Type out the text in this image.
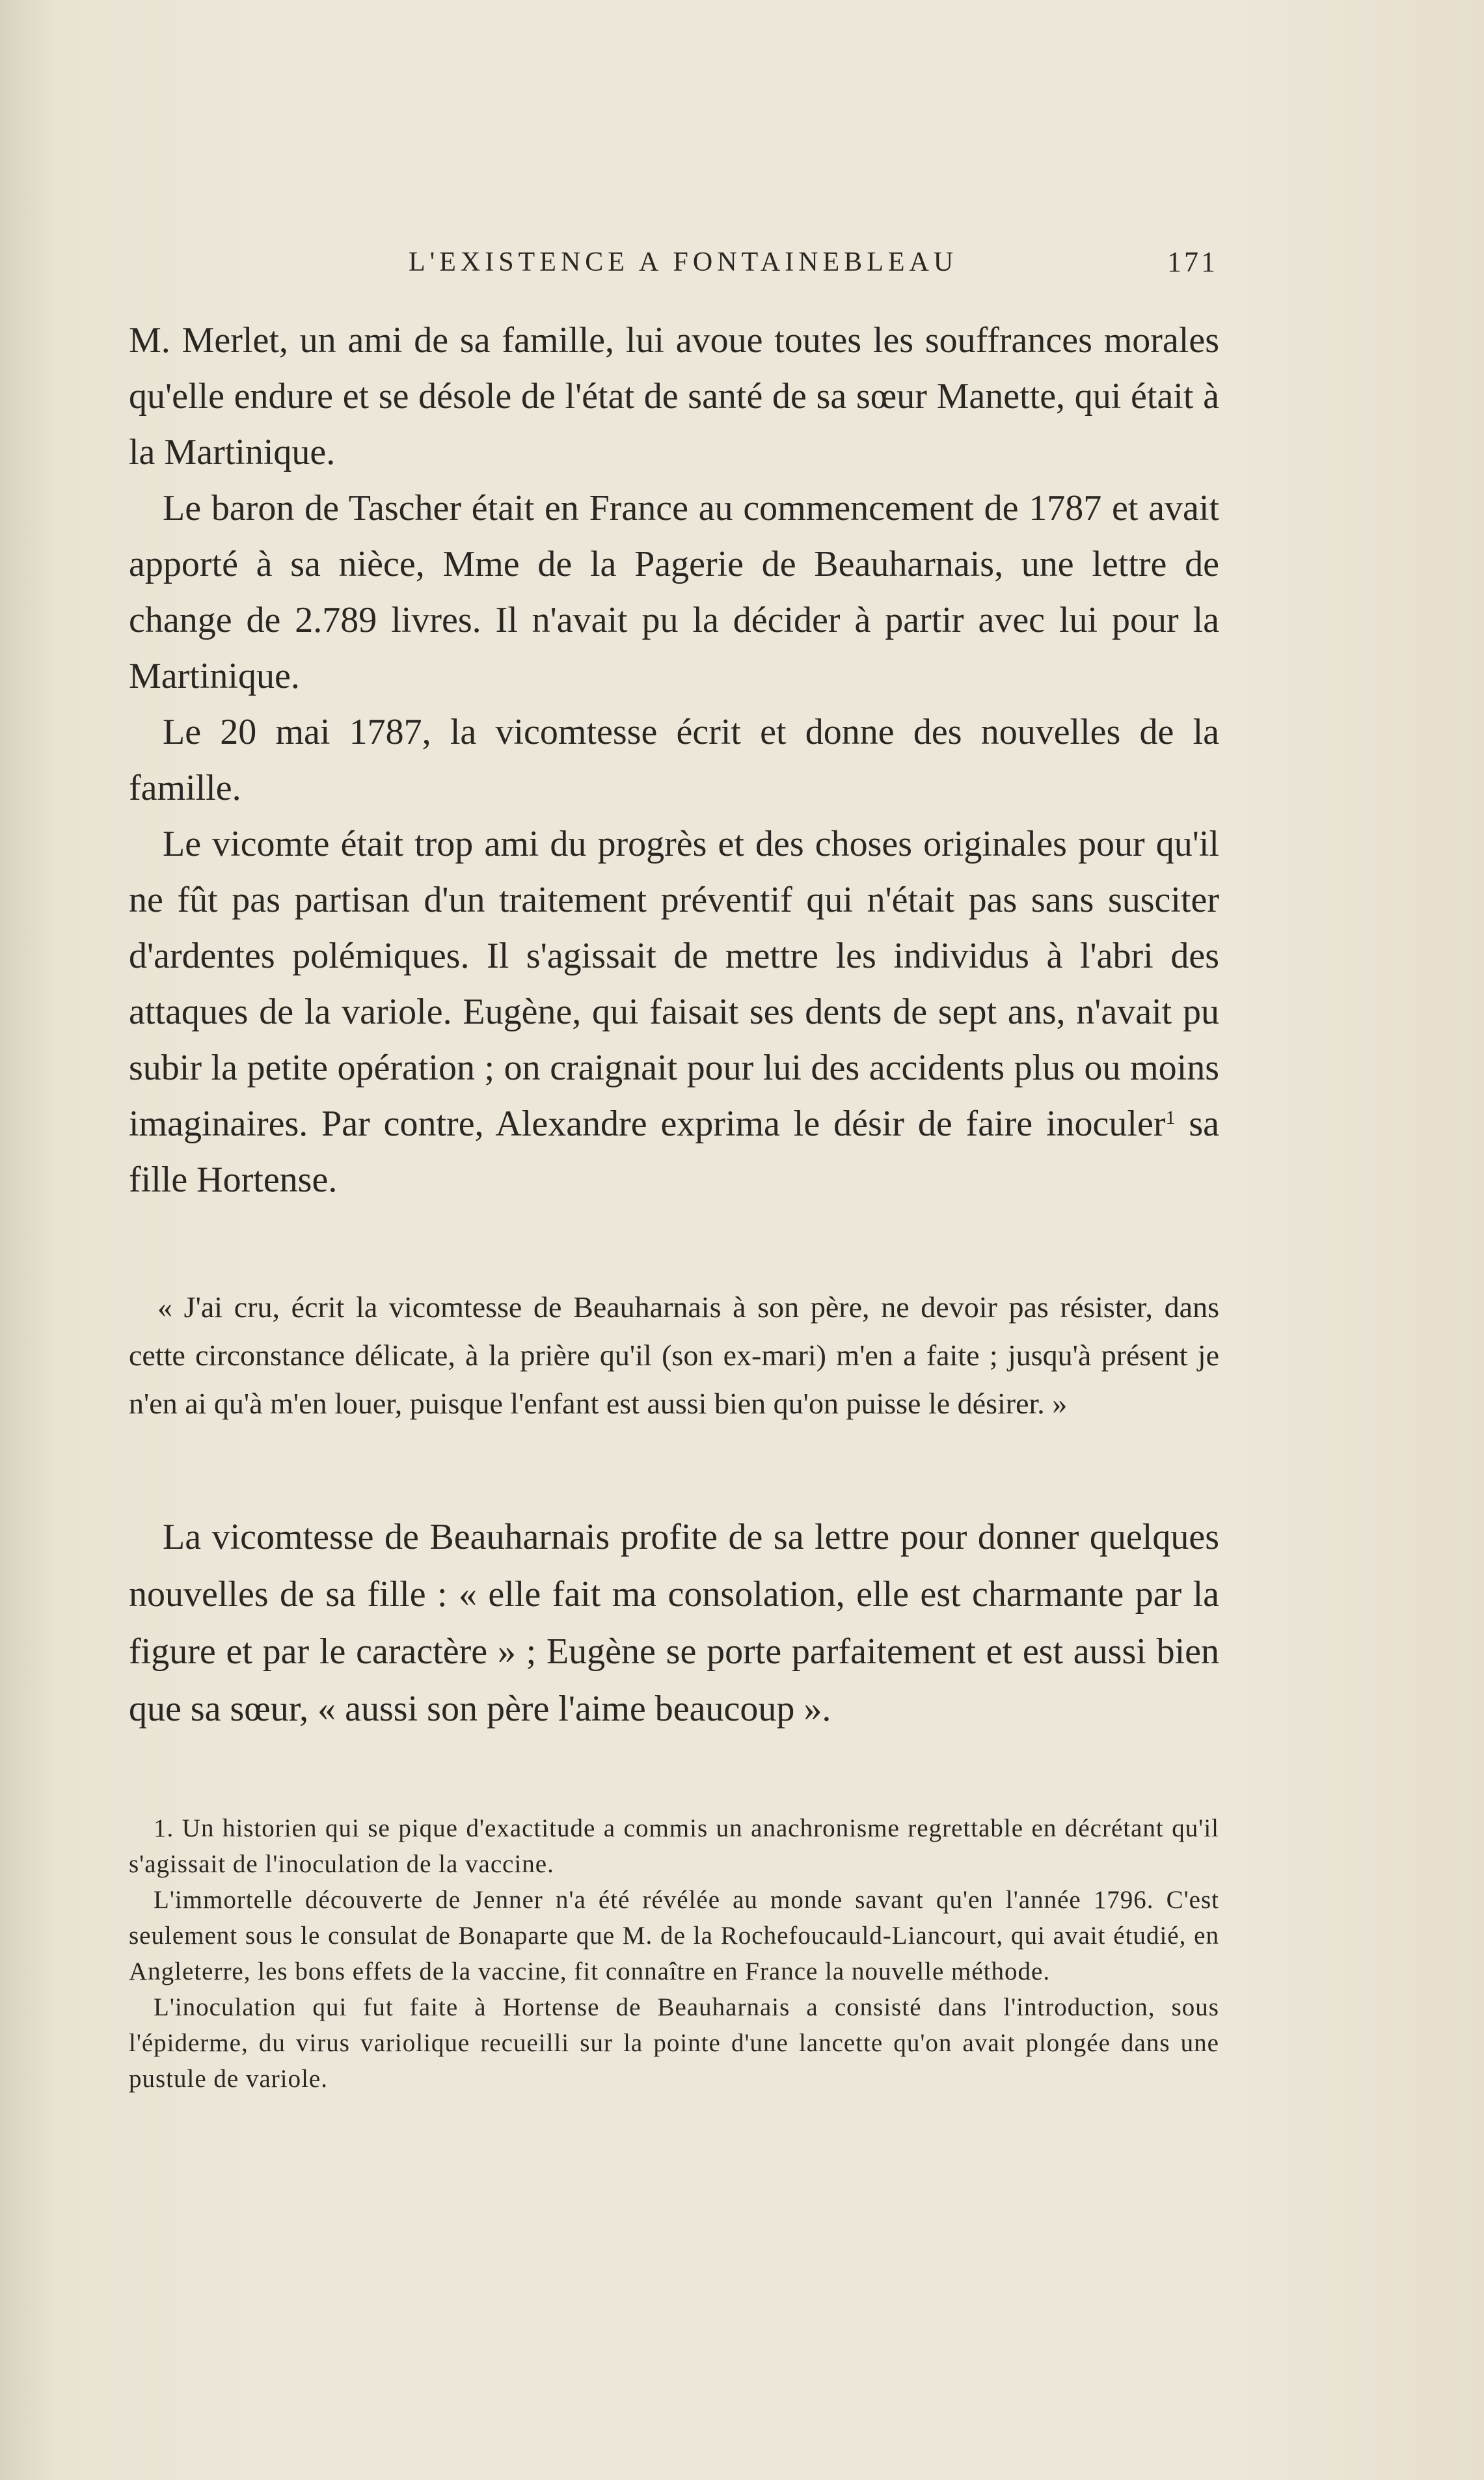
L'EXISTENCE A FONTAINEBLEAU	171

M. Merlet, un ami de sa famille, lui avoue toutes les souffrances morales qu'elle endure et se désole de l'état de santé de sa sœur Manette, qui était à la Martinique.

Le baron de Tascher était en France au commencement de 1787 et avait apporté à sa nièce, Mme de la Pagerie de Beauharnais, une lettre de change de 2.789 livres. Il n'avait pu la décider à partir avec lui pour la Martinique.

Le 20 mai 1787, la vicomtesse écrit et donne des nouvelles de la famille.

Le vicomte était trop ami du progrès et des choses originales pour qu'il ne fût pas partisan d'un traitement préventif qui n'était pas sans susciter d'ardentes polémiques. Il s'agissait de mettre les individus à l'abri des attaques de la variole. Eugène, qui faisait ses dents de sept ans, n'avait pu subir la petite opération ; on craignait pour lui des accidents plus ou moins imaginaires. Par contre, Alexandre exprima le désir de faire inoculer$^1$ sa fille Hortense.

« J'ai cru, écrit la vicomtesse de Beauharnais à son père, ne devoir pas résister, dans cette circonstance délicate, à la prière qu'il (son ex-mari) m'en a faite ; jusqu'à présent je n'en ai qu'à m'en louer, puisque l'enfant est aussi bien qu'on puisse le désirer. »

La vicomtesse de Beauharnais profite de sa lettre pour donner quelques nouvelles de sa fille : « elle fait ma consolation, elle est charmante par la figure et par le caractère » ; Eugène se porte parfaitement et est aussi bien que sa sœur, « aussi son père l'aime beaucoup ».

1. Un historien qui se pique d'exactitude a commis un anachronisme regrettable en décrétant qu'il s'agissait de l'inoculation de la vaccine.

L'immortelle découverte de Jenner n'a été révélée au monde savant qu'en l'année 1796. C'est seulement sous le consulat de Bonaparte que M. de la Rochefoucauld-Liancourt, qui avait étudié, en Angleterre, les bons effets de la vaccine, fit connaître en France la nouvelle méthode.

L'inoculation qui fut faite à Hortense de Beauharnais a consisté dans l'introduction, sous l'épiderme, du virus variolique recueilli sur la pointe d'une lancette qu'on avait plongée dans une pustule de variole.
